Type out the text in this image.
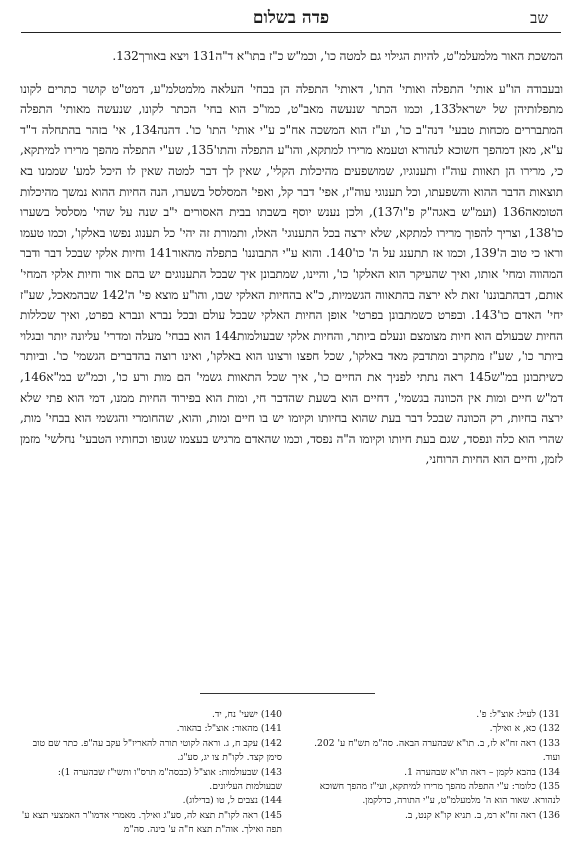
פדה בשלום	שב

המשכת האור מלמעלמ"ט, להיות הגילוי גם למטה כו', וכמ"ש כ"ז בתו"א ד"ה131 ויצא באורך132.

ובעבודה הו"ע אותי' התפלה ואותי' התו', דאותי' התפלה הן בבחי' העלאה מלמטלמ"ע, דמט"ט קושר כתרים לקונו מתפלותיהן של ישראל133, וכמו הכתר שנעשה מאב"ט, כמו"כ הוא בחי' הכתר לקונו, שנעשה מאותי' התפלה המתבררים מכחות טבעי' דנה"ב כו', וע"ז הוא המשכה אח"כ ע"י אותי' התו' כו'. דהנה134, אי' בזהר בהתחלה ד"ד ע"א, מאן דמהפך חשוכא לנהורא וטעמא מרירו למתקא, והו"ע התפלה והתו'135, שע"י התפלה מהפך מרירו למיתקא, כי, מרירו הן תאוות עוה"ז ותענוגיו, שמושפעים מהיכלות הקלי', שאין לך דבר למטה שאין לו היכל למע' שממנו בא תוצאות הדבר ההוא והשפעתו, וכל תענוגי עוה"ז, אפי' דבר קל, ואפי' המסלסל בשערו, הנה החיות ההוא נמשך מהיכלות הטומאה136 (ועמ"ש באגה"ק פ"ו137), ולכן נענש יוסף בשבתו בבית האסורים י"ב שנה על שהי' מסלסל בשערו כו'138, וצריך להפוך מרירו למתקא, שלא ירצה בכל התענוגי' האלו, ותמורת זה יהי' כל תענוג נפשו באלקו', וכמו טעמו וראו כי טוב ה'139, וכמו אז תתענג על ה' כו'140. והוא ע"י התבוננו' בתפלה מהאור141 וחיות אלקי שבכל דבר ודבר המהווה ומחי' אותו, ואיך שהעיקר הוא האלקו' כו', והיינו, שמתבונן איך שבכל התענוגים יש בהם אור וחיות אלקי המחי' אותם, דבהתבוננו' זאת לא ירצה בהתאווה הגשמיות, כ"א בהחיות האלקי שבו, והו"ע מוצא פי' ה'142 שבהמאכל, שע"ז יחי' האדם כו'143. ובפרט כשמתבונן בפרטי' אופן החיות האלקי שבכל עולם ובכל נברא ונברא בפרט, ואיך שכללות החיות שבעולם הוא חיות מצומצם ונעלם ביותר, והחיות אלקי שבעולמות144 הוא בבחי' מעלה ומדרי' עליונה יותר ובגלוי ביותר כו', שע"ז מתקרב ומתדבק מאד באלקו', שכל חפצו ורצונו הוא באלקו', ואינו רוצה בהדברים הגשמי' כו'. וביותר כשיתבונן במ"ש145 ראה נתתי לפניך את החיים כו', איך שכל התאוות גשמי' הם מות ורע כו', וכמ"ש במ"א146, דמ"ש חיים ומות אין הכוונה בגשמי', דחיים הוא בשעת שהדבר חי, ומות הוא בפירוד החיות ממנו, דמי הוא פתי שלא ירצה בחיות, רק הכוונה שבכל דבר בעת שהוא בחיותו וקיומו יש בו חיים ומות, והוא, שהחומרי והגשמי הוא בבחי' מות, שהרי הוא כלה ונפסד, שגם בעת חיותו וקיומו ה"ה נפסד, וכמו שהאדם מרגיש בעצמו שגופו וכחותיו הטבעי' נחלשי' מזמן לזמן, וחיים הוא החיות הרוחני,

131) לעיל: אוצ"ל: פ'.

132) כא, א ואילך.

133) ראה זח"א לז, ב. תו"א שבהערה הבאה. סה"מ תש"ח ע' 202. ועוד.

134) בהבא לקמן – ראה תו"א שבהערה 1.

135) כלומר: ע"י התפלה מהפך מרירו למיתקא, ועי"ז מהפך חשוכא לנהורא. שאור הוא ה' מלמעלמ"ט, ע"י התורה, כדלקמן.

136) ראה זח"א רמ, ב. תניא קו"א קנט, ב.

140) ישעי' נח, יד.

141) מהאור: אוצ"ל: בהאור.

142) עקב ח, ג. וראה לקוטי תורה להאריז"ל עקב עה"פ. כתר שם טוב סימן קצד. לקו"ת צו יג, סע"ג.

143) שבעולמות: אוצ"ל (כבסה"מ תרס"ו ותשי"ז שבהערה 1): שבעולמות העליונים.

144) נצבים ל, טו (בדילוג).

145) ראה לקו"ת תצא לה, סע"ג ואילך. מאמרי אדמו"ר האמצעי תצא ע' תפה ואילך. אוה"ת תצא ח"ה ע' בינה. סה"מ
